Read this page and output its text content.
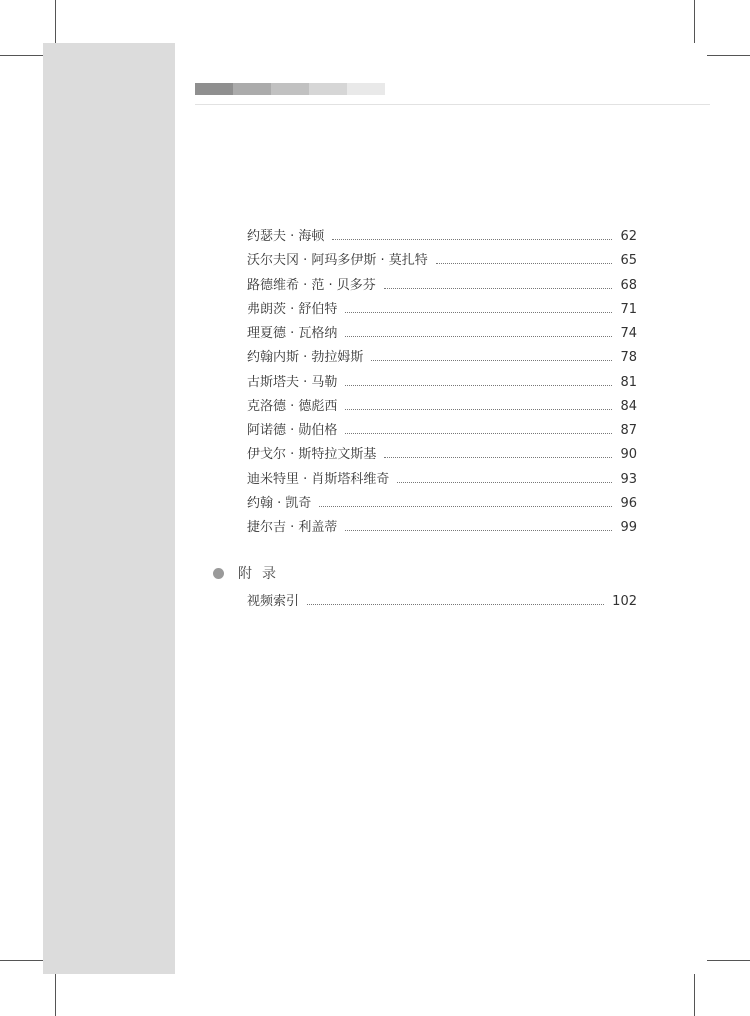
约瑟夫 · 海顿	62
沃尔夫冈 · 阿玛多伊斯 · 莫扎特	65
路德维希 · 范 · 贝多芬	68
弗朗茨 · 舒伯特	71
理夏德 · 瓦格纳	74
约翰内斯 · 勃拉姆斯	78
古斯塔夫 · 马勒	81
克洛德 · 德彪西	84
阿诺德 · 勋伯格	87
伊戈尔 · 斯特拉文斯基	90
迪米特里 · 肖斯塔科维奇	93
约翰 · 凯奇	96
捷尔吉 · 利盖蒂	99
附录
视频索引	102
